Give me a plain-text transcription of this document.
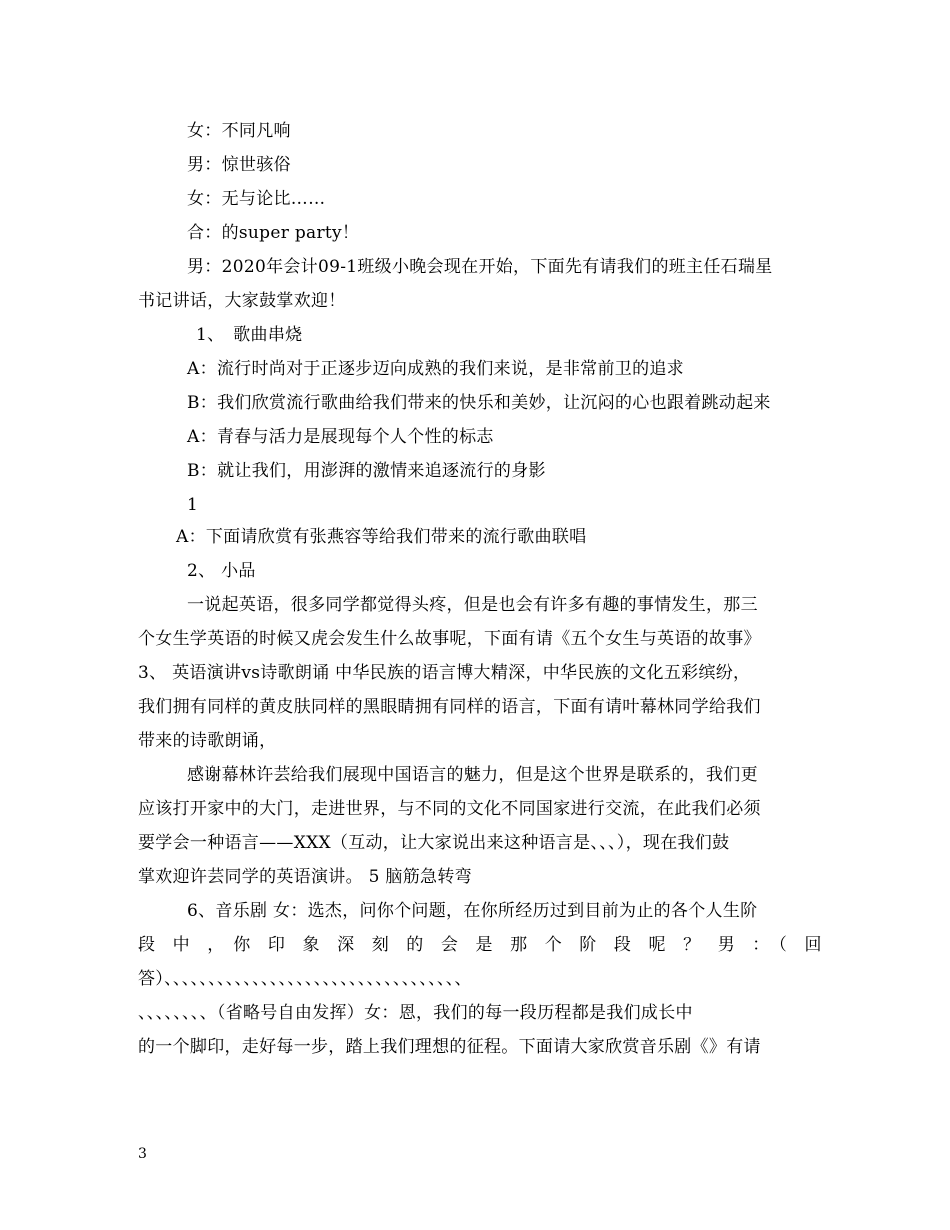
女：不同凡响
男：惊世骇俗
女：无与论比……
合：的super party！
男：2020年会计09-1班级小晚会现在开始，下面先有请我们的班主任石瑞星
书记讲话，大家鼓掌欢迎！
1、　歌曲串烧
A：流行时尚对于正逐步迈向成熟的我们来说，是非常前卫的追求
B：我们欣赏流行歌曲给我们带来的快乐和美妙，让沉闷的心也跟着跳动起来
A：青春与活力是展现每个人个性的标志
B：就让我们，用澎湃的激情来追逐流行的身影
1
A：下面请欣赏有张燕容等给我们带来的流行歌曲联唱
2、 小品
一说起英语，很多同学都觉得头疼，但是也会有许多有趣的事情发生，那三
个女生学英语的时候又虎会发生什么故事呢，下面有请《五个女生与英语的故事》
3、 英语演讲vs诗歌朗诵 中华民族的语言博大精深，中华民族的文化五彩缤纷，
我们拥有同样的黄皮肤同样的黑眼睛拥有同样的语言，下面有请叶幕林同学给我们
带来的诗歌朗诵，
感谢幕林许芸给我们展现中国语言的魅力，但是这个世界是联系的，我们更
应该打开家中的大门，走进世界，与不同的文化不同国家进行交流，在此我们必须
要学会一种语言——XXX（互动，让大家说出来这种语言是、、、），现在我们鼓
掌欢迎许芸同学的英语演讲。 5 脑筋急转弯
6、音乐剧 女：选杰，问你个问题，在你所经历过到目前为止的各个人生阶
段　中　，　你　印　象　深　刻　的　会　是　那　个　阶　段　呢　？　男　：　（　回
答）、、、、、、、、、、、、、、、、、、、、、、、、、、、、、、、、、、
、、、、、、、、（省略号自由发挥）女：恩，我们的每一段历程都是我们成长中
的一个脚印，走好每一步，踏上我们理想的征程。下面请大家欣赏音乐剧《》有请
3
